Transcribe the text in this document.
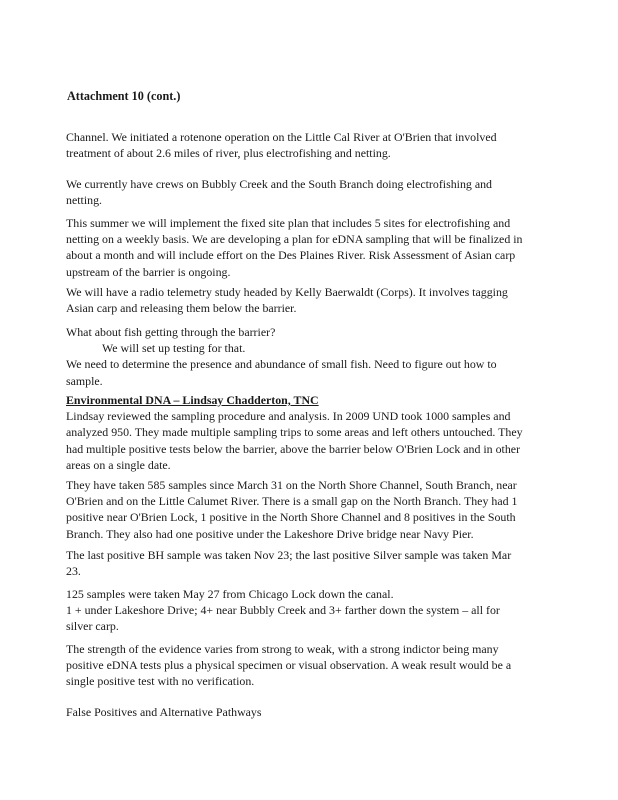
Attachment 10 (cont.)
Channel. We initiated a rotenone operation on the Little Cal River at O'Brien that involved
treatment of about 2.6 miles of river, plus electrofishing and netting.
We currently have crews on Bubbly Creek and the South Branch doing electrofishing and
netting.
This summer we will implement the fixed site plan that includes 5 sites for electrofishing and
netting on a weekly basis. We are developing a plan for eDNA sampling that will be finalized in
about a month and will include effort on the Des Plaines River. Risk Assessment of Asian carp
upstream of the barrier is ongoing.
We will have a radio telemetry study headed by Kelly Baerwaldt (Corps). It involves tagging
Asian carp and releasing them below the barrier.
What about fish getting through the barrier?
We will set up testing for that.
We need to determine the presence and abundance of small fish. Need to figure out how to
sample.
Environmental DNA – Lindsay Chadderton, TNC
Lindsay reviewed the sampling procedure and analysis. In 2009 UND took 1000 samples and
analyzed 950. They made multiple sampling trips to some areas and left others untouched. They
had multiple positive tests below the barrier, above the barrier below O'Brien Lock and in other
areas on a single date.
They have taken 585 samples since March 31 on the North Shore Channel, South Branch, near
O'Brien and on the Little Calumet River. There is a small gap on the North Branch. They had 1
positive near O'Brien Lock, 1 positive in the North Shore Channel and 8 positives in the South
Branch. They also had one positive under the Lakeshore Drive bridge near Navy Pier.
The last positive BH sample was taken Nov 23; the last positive Silver sample was taken Mar
23.
125 samples were taken May 27 from Chicago Lock down the canal.
1 + under Lakeshore Drive; 4+ near Bubbly Creek and 3+ farther down the system – all for
silver carp.
The strength of the evidence varies from strong to weak, with a strong indictor being many
positive eDNA tests plus a physical specimen or visual observation. A weak result would be a
single positive test with no verification.
False Positives and Alternative Pathways
